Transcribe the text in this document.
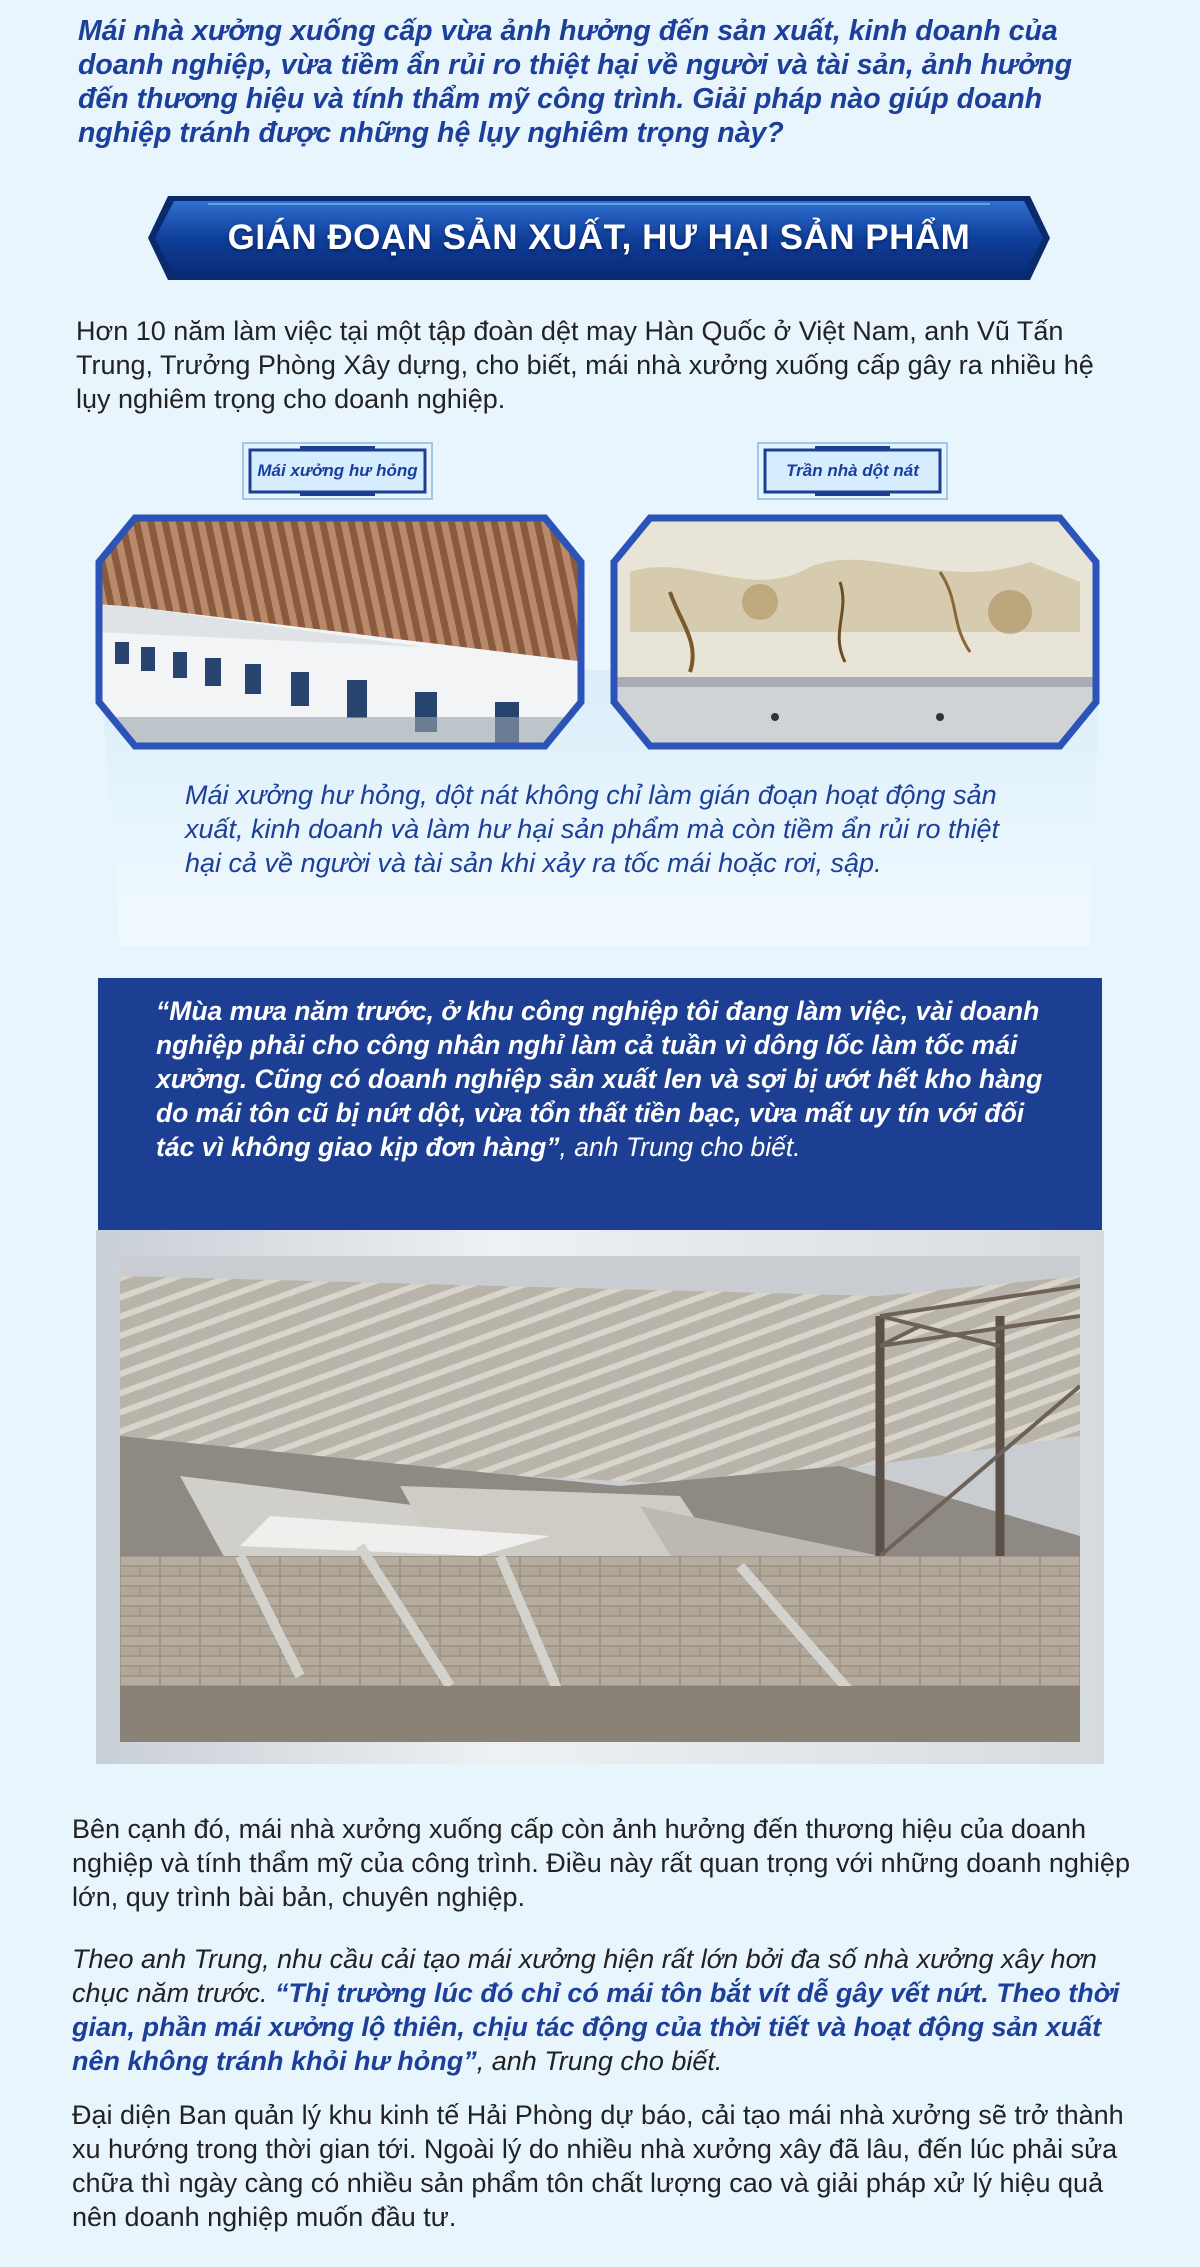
Mái nhà xưởng xuống cấp vừa ảnh hưởng đến sản xuất, kinh doanh của doanh nghiệp, vừa tiềm ẩn rủi ro thiệt hại về người và tài sản, ảnh hưởng đến thương hiệu và tính thẩm mỹ công trình. Giải pháp nào giúp doanh nghiệp tránh được những hệ lụy nghiêm trọng này?
GIÁN ĐOẠN SẢN XUẤT, HƯ HẠI SẢN PHẨM
Hơn 10 năm làm việc tại một tập đoàn dệt may Hàn Quốc ở Việt Nam, anh Vũ Tấn Trung, Trưởng Phòng Xây dựng, cho biết, mái nhà xưởng xuống cấp gây ra nhiều hệ lụy nghiêm trọng cho doanh nghiệp.
Mái xưởng hư hỏng	Trần nhà dột nát
Mái xưởng hư hỏng, dột nát không chỉ làm gián đoạn hoạt động sản xuất, kinh doanh và làm hư hại sản phẩm mà còn tiềm ẩn rủi ro thiệt hại cả về người và tài sản khi xảy ra tốc mái hoặc rơi, sập.
“Mùa mưa năm trước, ở khu công nghiệp tôi đang làm việc, vài doanh nghiệp phải cho công nhân nghỉ làm cả tuần vì dông lốc làm tốc mái xưởng. Cũng có doanh nghiệp sản xuất len và sợi bị ướt hết kho hàng do mái tôn cũ bị nứt dột, vừa tổn thất tiền bạc, vừa mất uy tín với đối tác vì không giao kịp đơn hàng”, anh Trung cho biết.
Bên cạnh đó, mái nhà xưởng xuống cấp còn ảnh hưởng đến thương hiệu của doanh nghiệp và tính thẩm mỹ của công trình. Điều này rất quan trọng với những doanh nghiệp lớn, quy trình bài bản, chuyên nghiệp.
Theo anh Trung, nhu cầu cải tạo mái xưởng hiện rất lớn bởi đa số nhà xưởng xây hơn chục năm trước. “Thị trường lúc đó chỉ có mái tôn bắt vít dễ gây vết nứt. Theo thời gian, phần mái xưởng lộ thiên, chịu tác động của thời tiết và hoạt động sản xuất nên không tránh khỏi hư hỏng”, anh Trung cho biết.
Đại diện Ban quản lý khu kinh tế Hải Phòng dự báo, cải tạo mái nhà xưởng sẽ trở thành xu hướng trong thời gian tới. Ngoài lý do nhiều nhà xưởng xây đã lâu, đến lúc phải sửa chữa thì ngày càng có nhiều sản phẩm tôn chất lượng cao và giải pháp xử lý hiệu quả nên doanh nghiệp muốn đầu tư.
